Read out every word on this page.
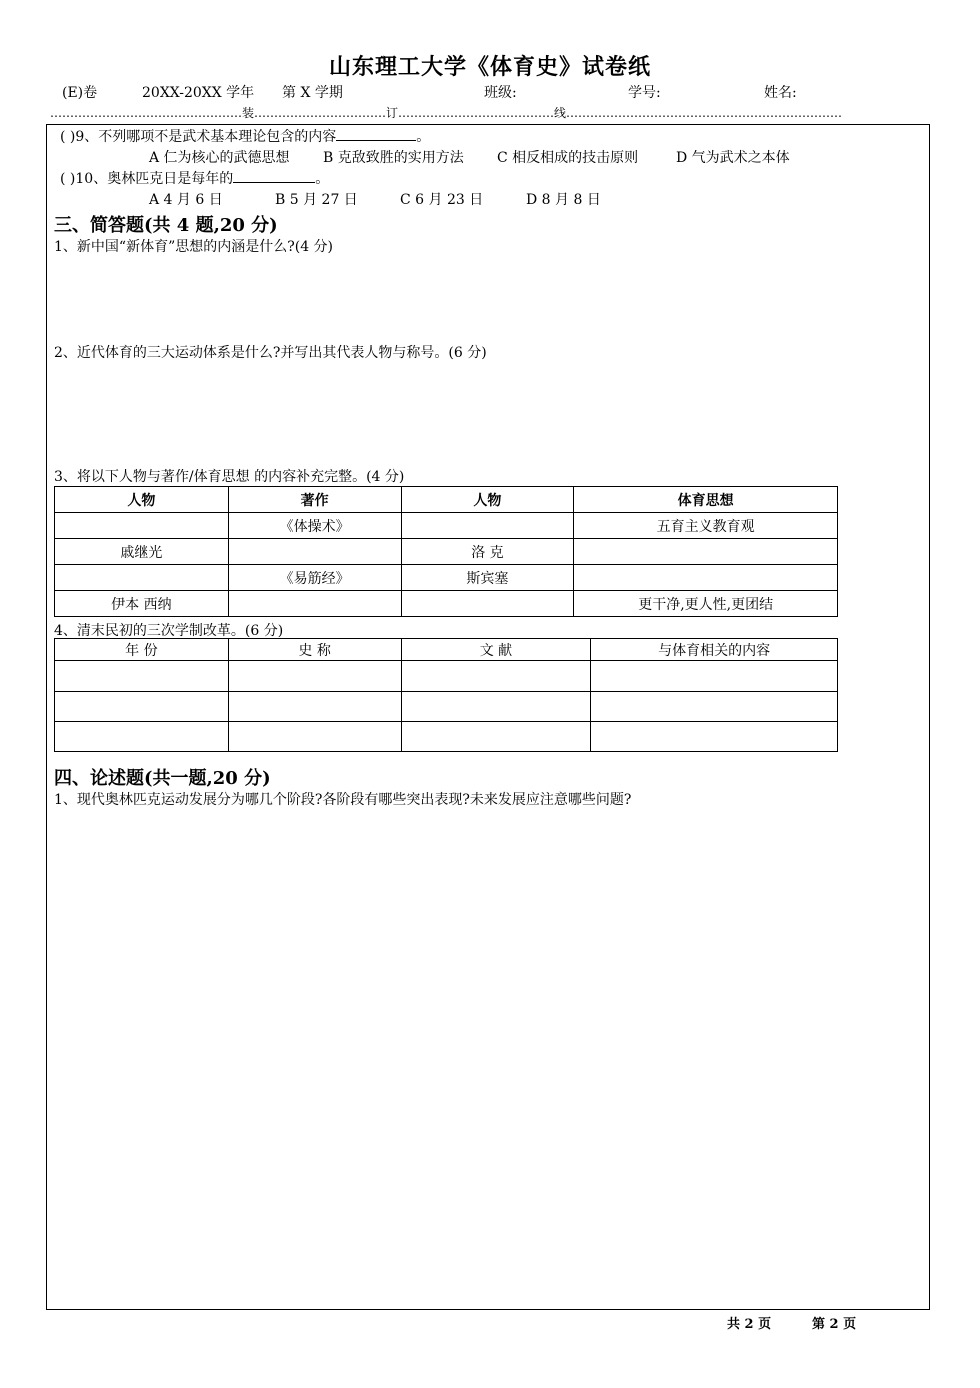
山东理工大学《体育史》试卷纸
(E)卷	20XX-20XX 学年 第 X 学期	班级:	学号:	姓名:
…………………………………………装……………………………订…………………………………线……………………………………………………………
( )9、不列哪项不是武术基本理论包含的内容	。
A 仁为核心的武德思想 B 克敌致胜的实用方法 C 相反相成的技击原则	D 气为武术之本体
( )10、奥林匹克日是每年的	。
A 4 月 6 日	B 5 月 27 日	C 6 月 23 日	D 8 月 8 日
三、简答题(共 4 题,20 分)
1、新中国“新体育”思想的内涵是什么?(4 分)
2、近代体育的三大运动体系是什么?并写出其代表人物与称号。(6 分)
3、将以下人物与著作/体育思想 的内容补充完整。(4 分)
人物	著作	人物	体育思想
	《体操术》		五育主义教育观
戚继光		洛 克	
	《易筋经》	斯宾塞	
伊本 西纳			更干净,更人性,更团结
4、清末民初的三次学制改革。(6 分)
年 份	史 称	文 献	与体育相关的内容

四、论述题(共一题,20 分)
1、现代奥林匹克运动发展分为哪几个阶段?各阶段有哪些突出表现?未来发展应注意哪些问题?
共 2 页	第 2 页
